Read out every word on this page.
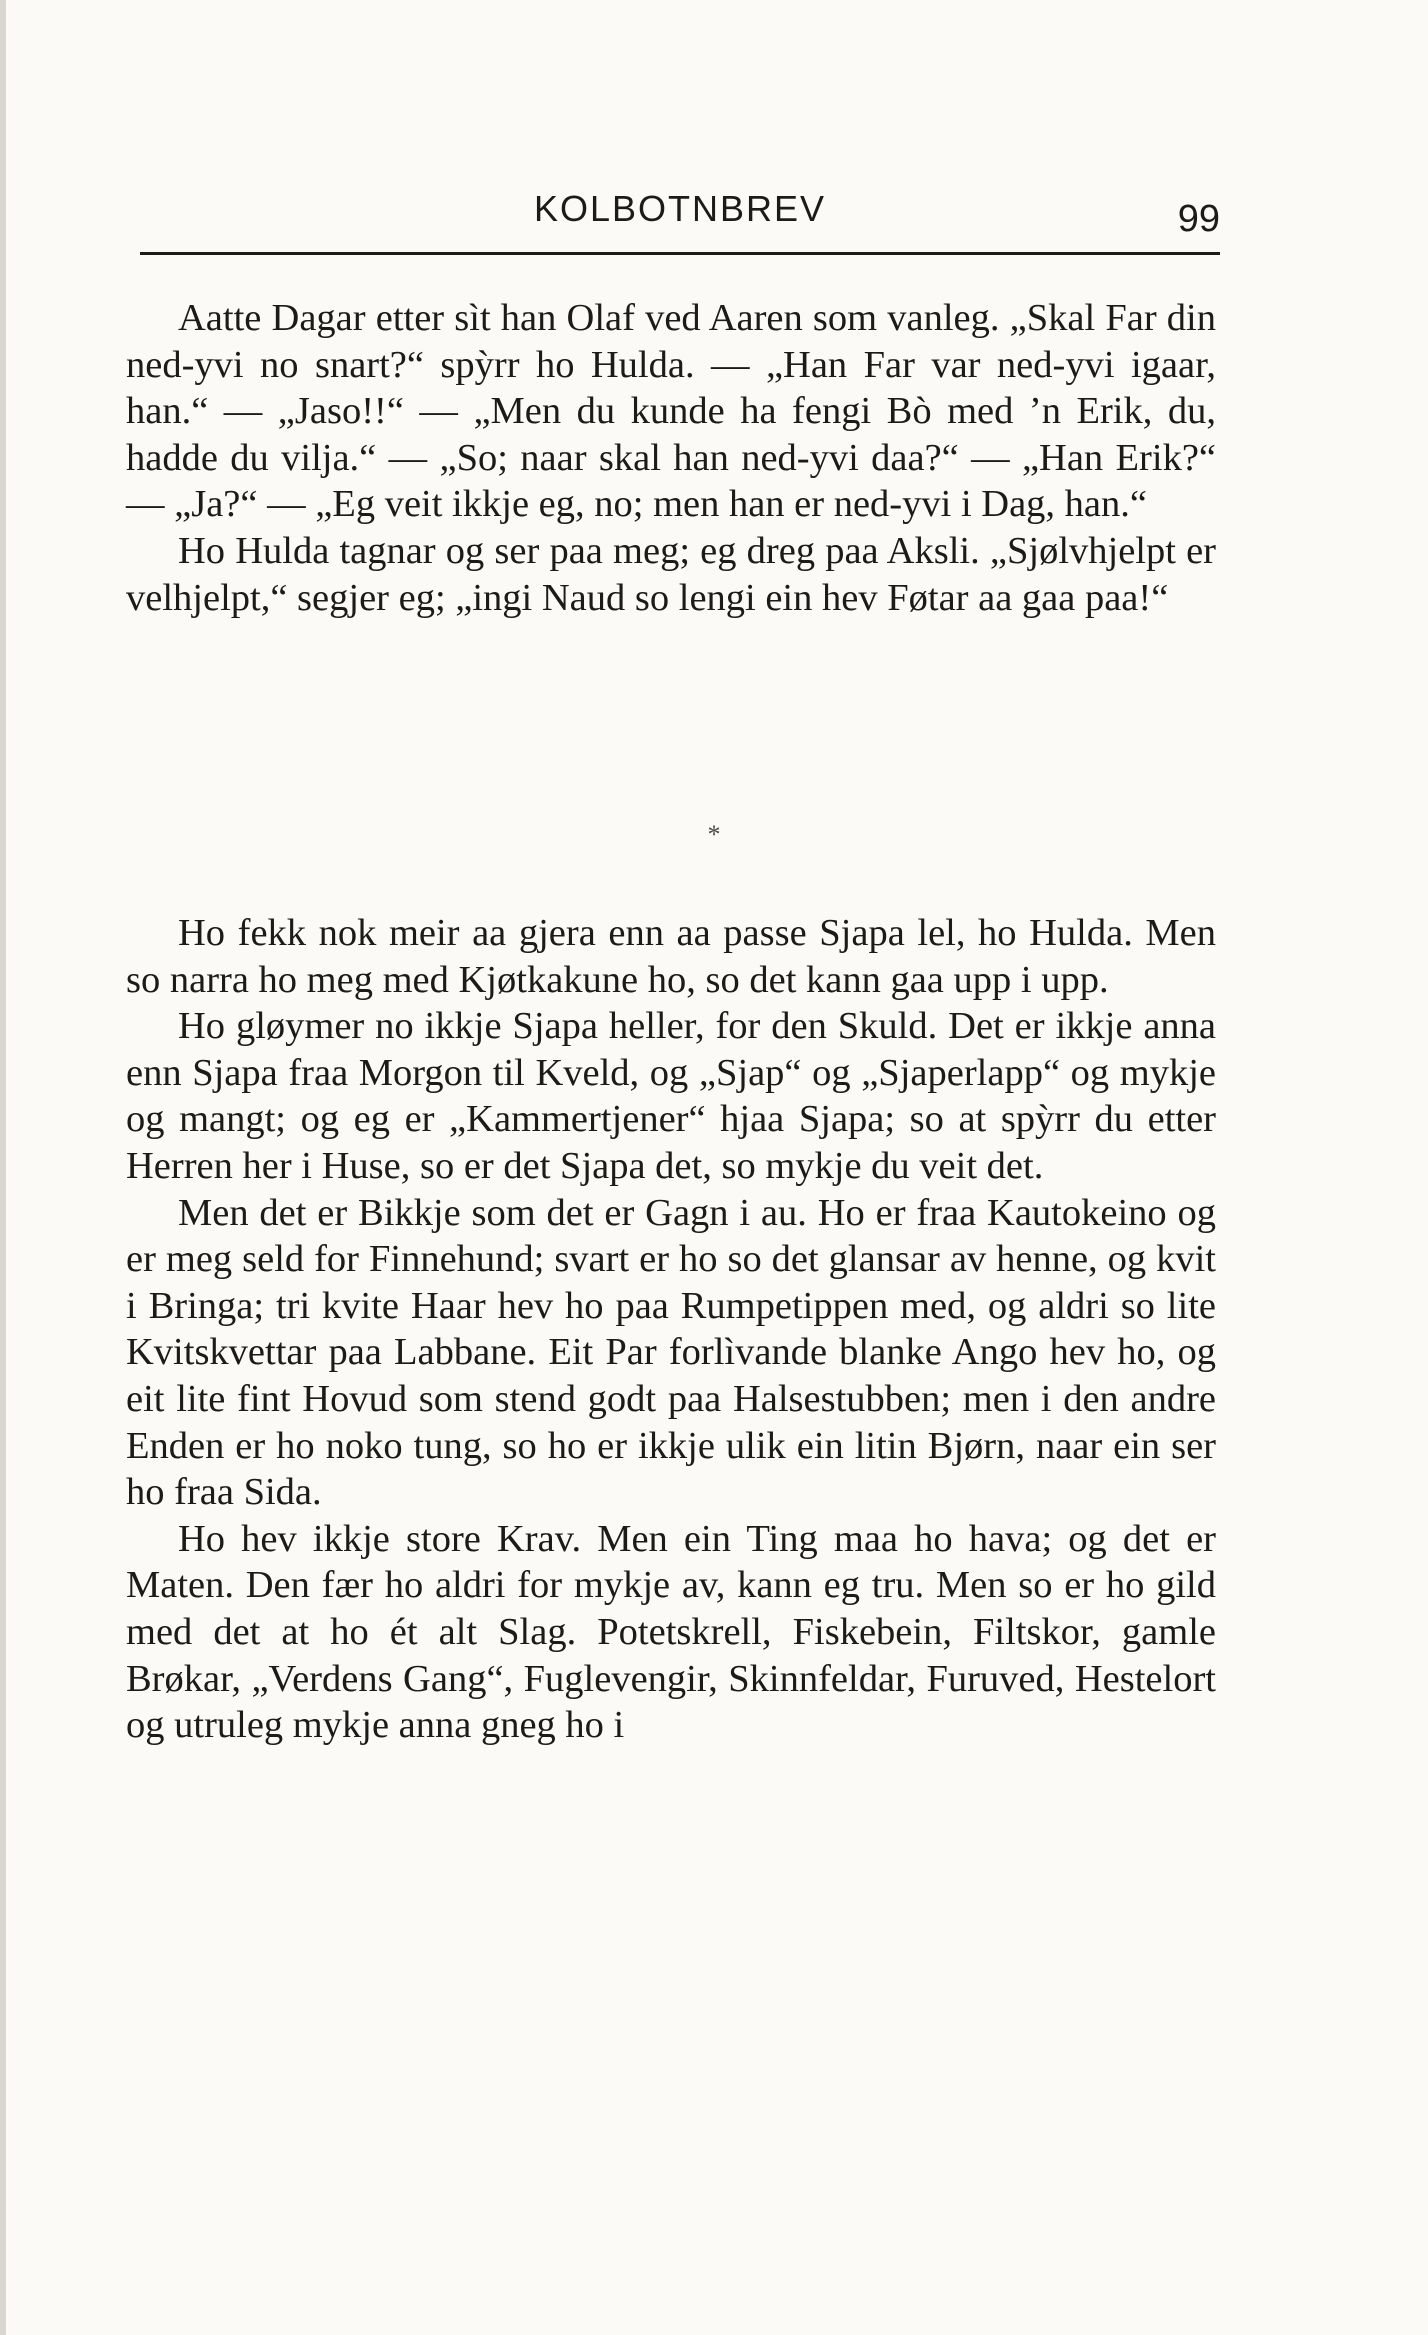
KOLBOTNBREV	99

Aatte Dagar etter sìt han Olaf ved Aaren som vanleg. „Skal Far din ned-yvi no snart?“ spỳrr ho Hulda. — „Han Far var ned-yvi igaar, han.“ — „Jaso!!“ — „Men du kunde ha fengi Bò med ’n Erik, du, hadde du vilja.“ — „So; naar skal han ned-yvi daa?“ — „Han Erik?“ — „Ja?“ — „Eg veit ikkje eg, no; men han er ned-yvi i Dag, han.“

Ho Hulda tagnar og ser paa meg; eg dreg paa Aksli. „Sjølvhjelpt er velhjelpt,“ segjer eg; „ingi Naud so lengi ein hev Føtar aa gaa paa!“

*

Ho fekk nok meir aa gjera enn aa passe Sjapa lel, ho Hulda. Men so narra ho meg med Kjøtkakune ho, so det kann gaa upp i upp.

Ho gløymer no ikkje Sjapa heller, for den Skuld. Det er ikkje anna enn Sjapa fraa Morgon til Kveld, og „Sjap“ og „Sjaperlapp“ og mykje og mangt; og eg er „Kammertjener“ hjaa Sjapa; so at spỳrr du etter Herren her i Huse, so er det Sjapa det, so mykje du veit det.

Men det er Bikkje som det er Gagn i au. Ho er fraa Kautokeino og er meg seld for Finnehund; svart er ho so det glansar av henne, og kvit i Bringa; tri kvite Haar hev ho paa Rumpetippen med, og aldri so lite Kvitskvettar paa Labbane. Eit Par forlìvande blanke Ango hev ho, og eit lite fint Hovud som stend godt paa Halsestubben; men i den andre Enden er ho noko tung, so ho er ikkje ulik ein litin Bjørn, naar ein ser ho fraa Sida.

Ho hev ikkje store Krav. Men ein Ting maa ho hava; og det er Maten. Den fær ho aldri for mykje av, kann eg tru. Men so er ho gild med det at ho ét alt Slag. Potetskrell, Fiskebein, Filtskor, gamle Brøkar, „Verdens Gang“, Fuglevengir, Skinnfeldar, Furuved, Hestelort og utruleg mykje anna gneg ho i
